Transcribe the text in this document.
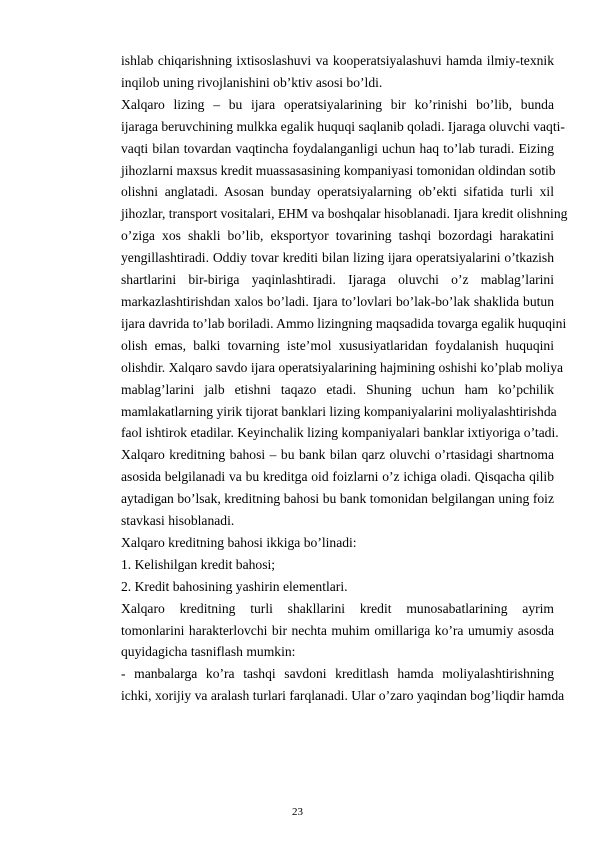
ishlab chiqarishning ixtisoslashuvi va kooperatsiyalashuvi hamda ilmiy-texnik
inqilob uning rivojlanishini ob’ktiv asosi bo’ldi.
Xalqaro lizing – bu ijara operatsiyalarining bir ko’rinishi bo’lib, bunda
ijaraga beruvchining mulkka egalik huquqi saqlanib qoladi. Ijaraga oluvchi vaqti-
vaqti bilan tovardan vaqtincha foydalanganligi uchun haq to’lab turadi. Eizing
jihozlarni maxsus kredit muassasasining kompaniyasi tomonidan oldindan sotib
olishni anglatadi. Asosan bunday operatsiyalarning ob’ekti sifatida turli xil
jihozlar, transport vositalari, EHM va boshqalar hisoblanadi. Ijara kredit olishning
o’ziga xos shakli bo’lib, eksportyor tovarining tashqi bozordagi harakatini
yengillashtiradi. Oddiy tovar krediti bilan lizing ijara operatsiyalarini o’tkazish
shartlarini bir-biriga yaqinlashtiradi. Ijaraga oluvchi o’z mablag’larini
markazlashtirishdan xalos bo’ladi. Ijara to’lovlari bo’lak-bo’lak shaklida butun
ijara davrida to’lab boriladi. Ammo lizingning maqsadida tovarga egalik huquqini
olish emas, balki tovarning iste’mol xususiyatlaridan foydalanish huquqini
olishdir. Xalqaro savdo ijara operatsiyalarining hajmining oshishi ko’plab moliya
mablag’larini jalb etishni taqazo etadi. Shuning uchun ham ko’pchilik
mamlakatlarning yirik tijorat banklari lizing kompaniyalarini moliyalashtirishda
faol ishtirok etadilar. Keyinchalik lizing kompaniyalari banklar ixtiyoriga o’tadi.
Xalqaro kreditning bahosi – bu bank bilan qarz oluvchi o’rtasidagi shartnoma
asosida belgilanadi va bu kreditga oid foizlarni o’z ichiga oladi. Qisqacha qilib
aytadigan bo’lsak, kreditning bahosi bu bank tomonidan belgilangan uning foiz
stavkasi hisoblanadi.
Xalqaro kreditning bahosi ikkiga bo’linadi:
1. Kelishilgan kredit bahosi;
2. Kredit bahosining yashirin elementlari.
Xalqaro kreditning turli shakllarini kredit munosabatlarining ayrim
tomonlarini harakterlovchi bir nechta muhim omillariga ko’ra umumiy asosda
quyidagicha tasniflash mumkin:
- manbalarga ko’ra tashqi savdoni kreditlash hamda moliyalashtirishning
ichki, xorijiy va aralash turlari farqlanadi. Ular o’zaro yaqindan bog’liqdir hamda
23
